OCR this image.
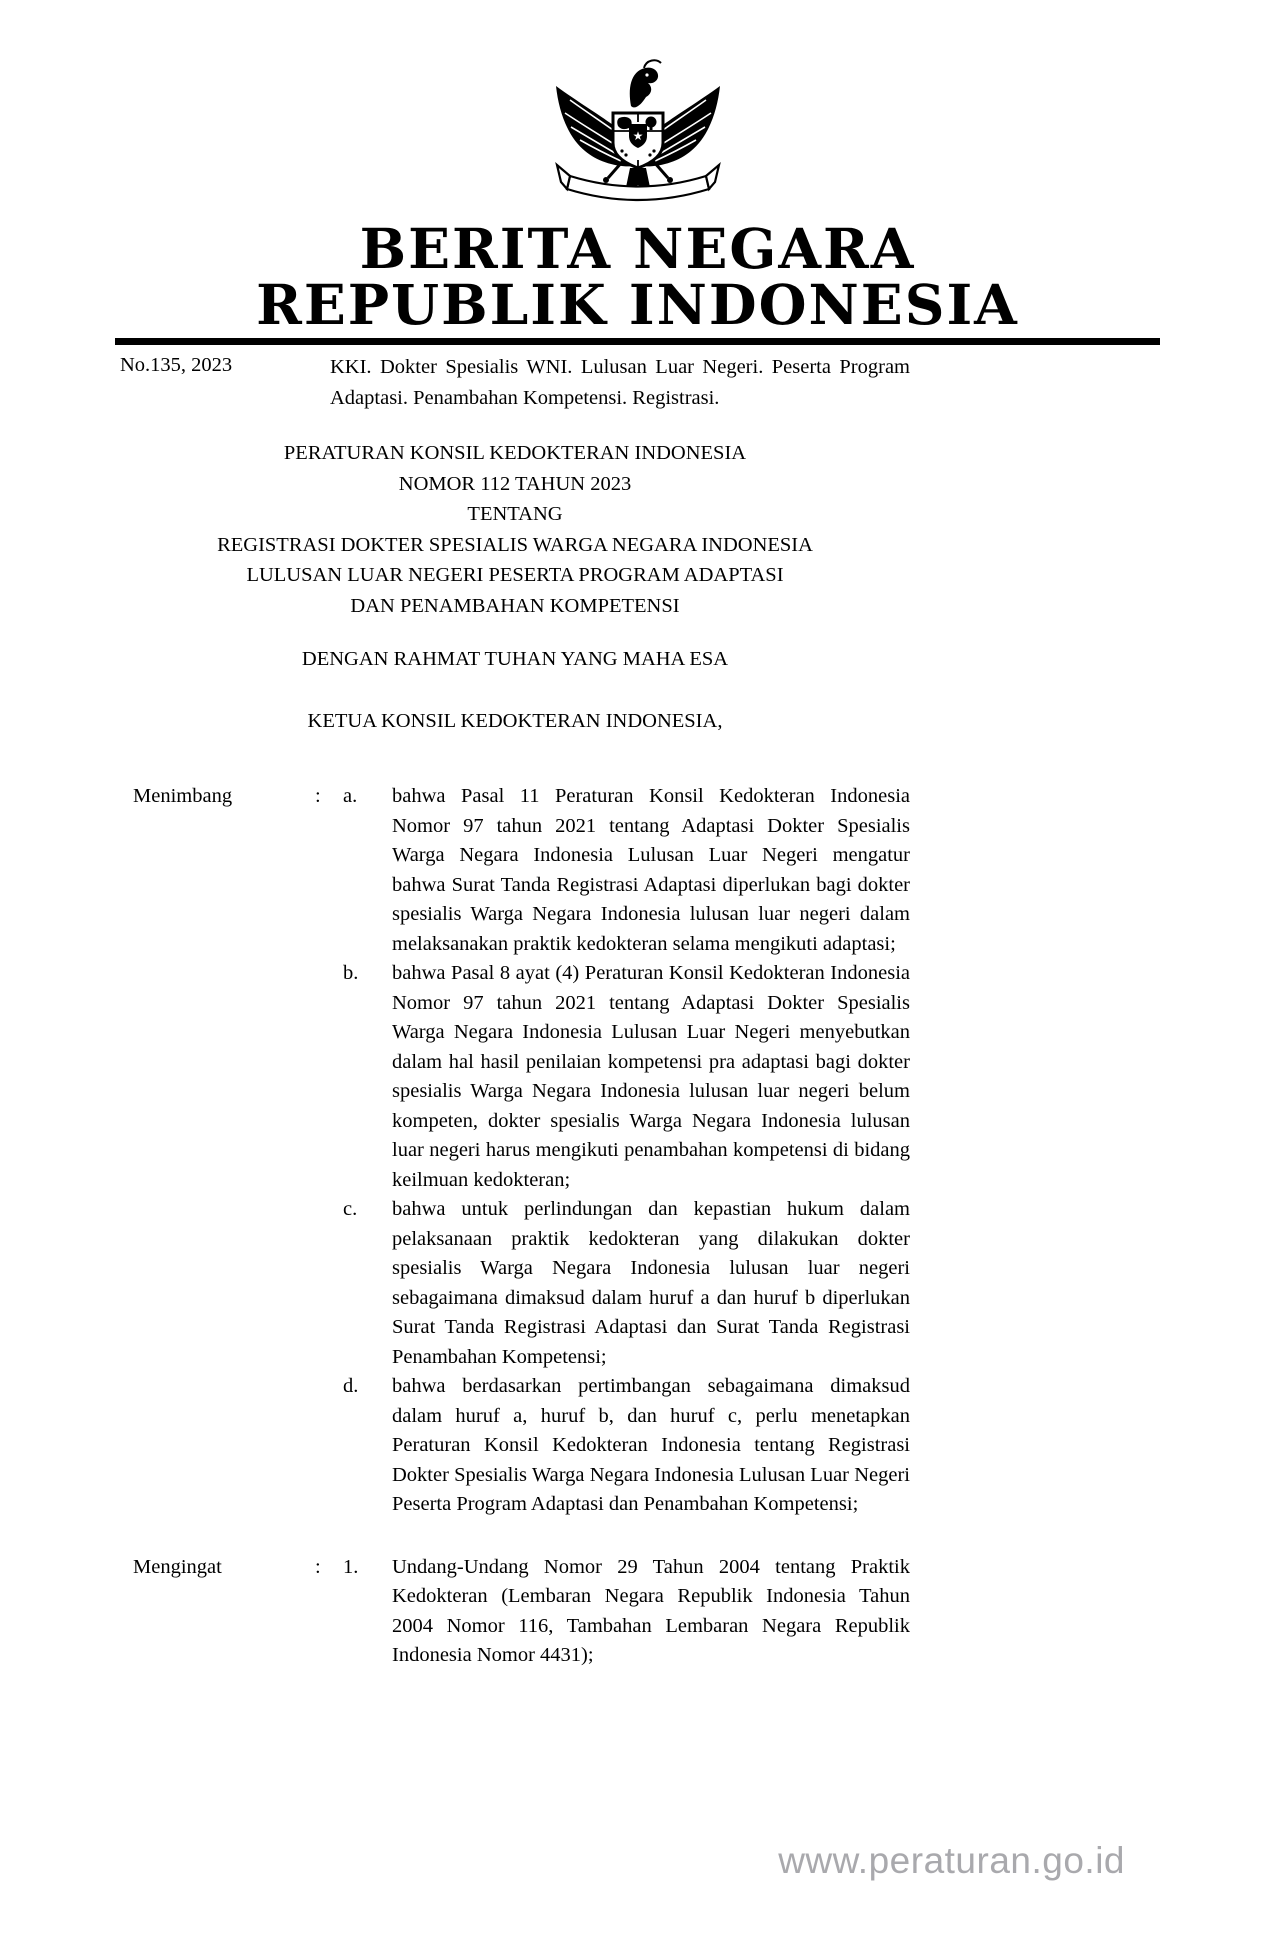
★
BERITA NEGARA
REPUBLIK INDONESIA
No.135, 2023	KKI. Dokter Spesialis WNI. Lulusan Luar Negeri. Peserta Program Adaptasi. Penambahan Kompetensi. Registrasi.
PERATURAN KONSIL KEDOKTERAN INDONESIA
NOMOR 112 TAHUN 2023
TENTANG
REGISTRASI DOKTER SPESIALIS WARGA NEGARA INDONESIA
LULUSAN LUAR NEGERI PESERTA PROGRAM ADAPTASI
DAN PENAMBAHAN KOMPETENSI
DENGAN RAHMAT TUHAN YANG MAHA ESA
KETUA KONSIL KEDOKTERAN INDONESIA,
Menimbang	:	a.	bahwa Pasal 11 Peraturan Konsil Kedokteran Indonesia Nomor 97 tahun 2021 tentang Adaptasi Dokter Spesialis Warga Negara Indonesia Lulusan Luar Negeri mengatur bahwa Surat Tanda Registrasi Adaptasi diperlukan bagi dokter spesialis Warga Negara Indonesia lulusan luar negeri dalam melaksanakan praktik kedokteran selama mengikuti adaptasi;
b.	bahwa Pasal 8 ayat (4) Peraturan Konsil Kedokteran Indonesia Nomor 97 tahun 2021 tentang Adaptasi Dokter Spesialis Warga Negara Indonesia Lulusan Luar Negeri menyebutkan dalam hal hasil penilaian kompetensi pra adaptasi bagi dokter spesialis Warga Negara Indonesia lulusan luar negeri belum kompeten, dokter spesialis Warga Negara Indonesia lulusan luar negeri harus mengikuti penambahan kompetensi di bidang keilmuan kedokteran;
c.	bahwa untuk perlindungan dan kepastian hukum dalam pelaksanaan praktik kedokteran yang dilakukan dokter spesialis Warga Negara Indonesia lulusan luar negeri sebagaimana dimaksud dalam huruf a dan huruf b diperlukan Surat Tanda Registrasi Adaptasi dan Surat Tanda Registrasi Penambahan Kompetensi;
d.	bahwa berdasarkan pertimbangan sebagaimana dimaksud dalam huruf a, huruf b, dan huruf c, perlu menetapkan Peraturan Konsil Kedokteran Indonesia tentang Registrasi Dokter Spesialis Warga Negara Indonesia Lulusan Luar Negeri Peserta Program Adaptasi dan Penambahan Kompetensi;
Mengingat	:	1.	Undang-Undang Nomor 29 Tahun 2004 tentang Praktik Kedokteran (Lembaran Negara Republik Indonesia Tahun 2004 Nomor 116, Tambahan Lembaran Negara Republik Indonesia Nomor 4431);
www.peraturan.go.id
